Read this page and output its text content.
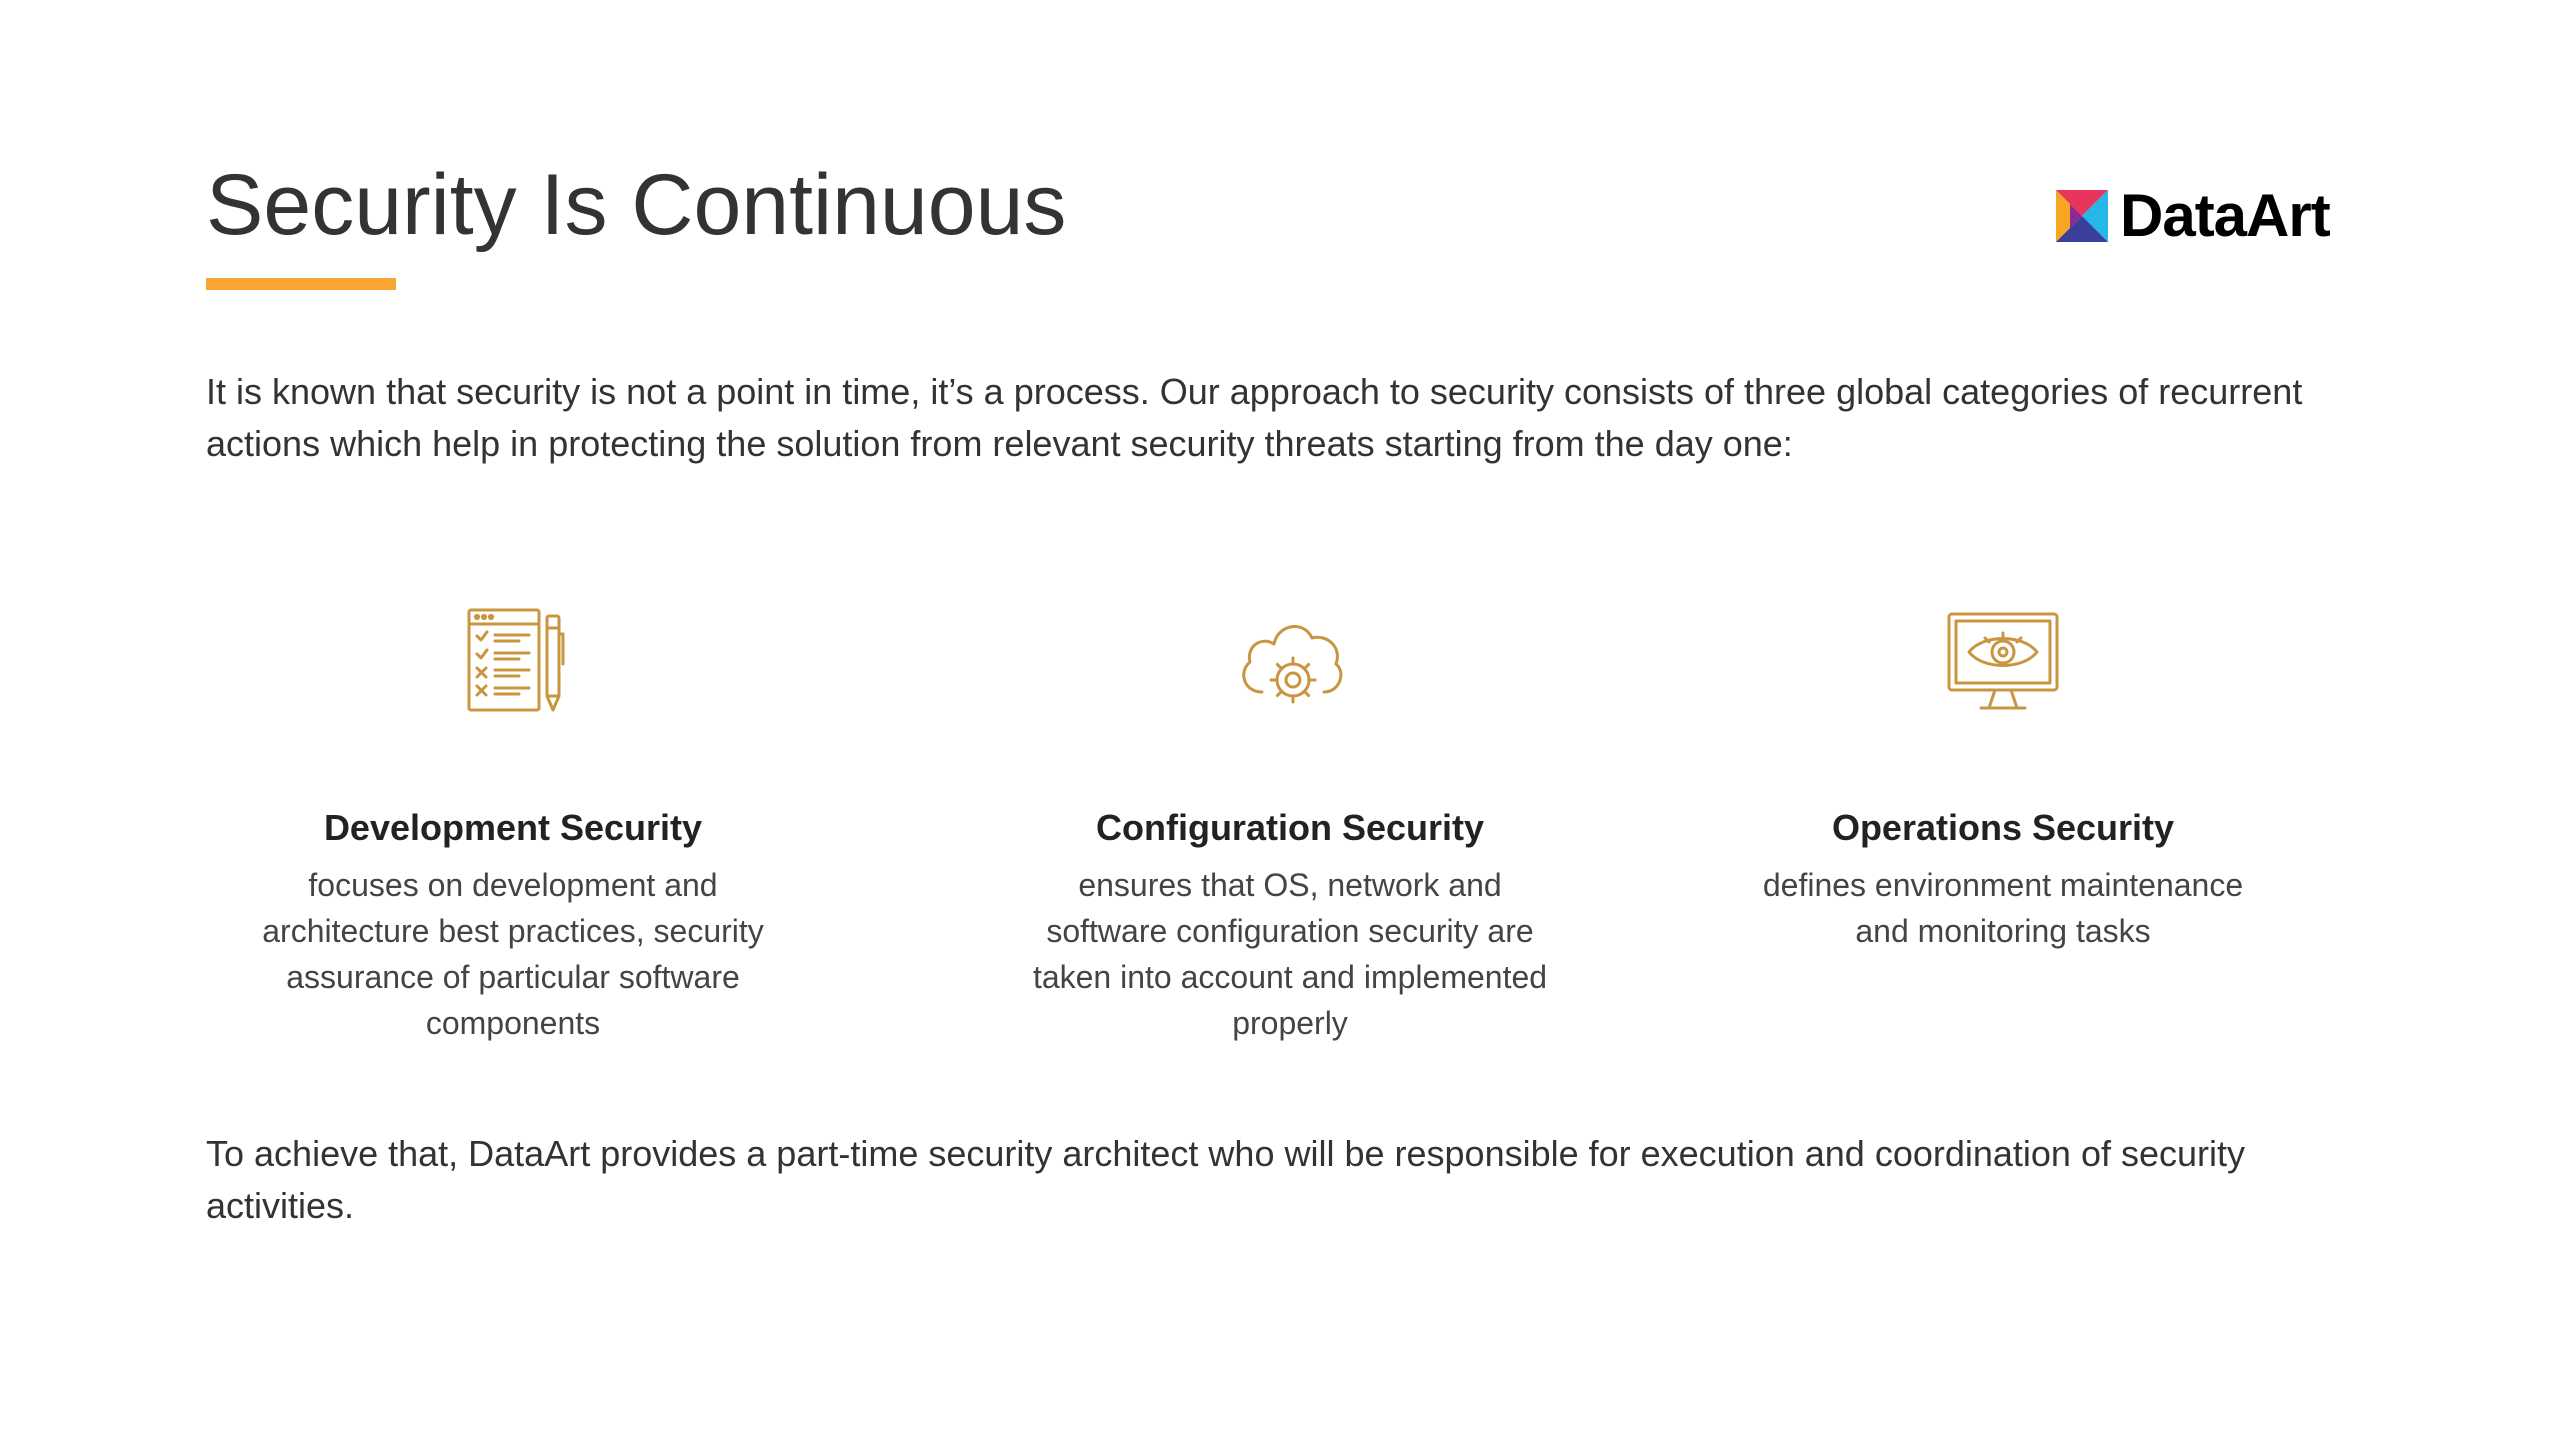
Security Is Continuous	DataArt

It is known that security is not a point in time, it’s a process. Our approach to security consists of three global categories of recurrent actions which help in protecting the solution from relevant security threats starting from the day one:

Development Security
focuses on development and architecture best practices, security assurance of particular software components
Configuration Security
ensures that OS, network and software configuration security are taken into account and implemented properly
Operations Security
defines environment maintenance and monitoring tasks

To achieve that, DataArt provides a part-time security architect who will be responsible for execution and coordination of security activities.
